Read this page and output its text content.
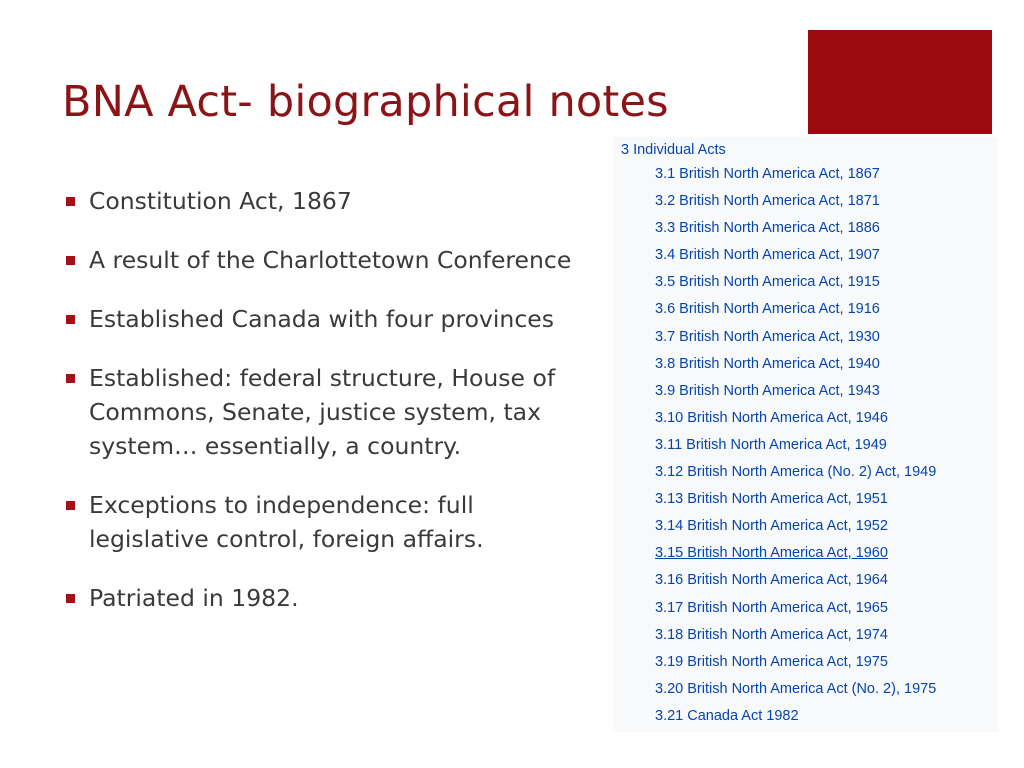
BNA Act- biographical notes
Constitution Act, 1867
A result of the Charlottetown Conference
Established Canada with four provinces
Established: federal structure, House of Commons, Senate, justice system, tax system… essentially, a country.
Exceptions to independence: full legislative control, foreign affairs.
Patriated in 1982.
3 Individual Acts
3.1 British North America Act, 1867
3.2 British North America Act, 1871
3.3 British North America Act, 1886
3.4 British North America Act, 1907
3.5 British North America Act, 1915
3.6 British North America Act, 1916
3.7 British North America Act, 1930
3.8 British North America Act, 1940
3.9 British North America Act, 1943
3.10 British North America Act, 1946
3.11 British North America Act, 1949
3.12 British North America (No. 2) Act, 1949
3.13 British North America Act, 1951
3.14 British North America Act, 1952
3.15 British North America Act, 1960
3.16 British North America Act, 1964
3.17 British North America Act, 1965
3.18 British North America Act, 1974
3.19 British North America Act, 1975
3.20 British North America Act (No. 2), 1975
3.21 Canada Act 1982
